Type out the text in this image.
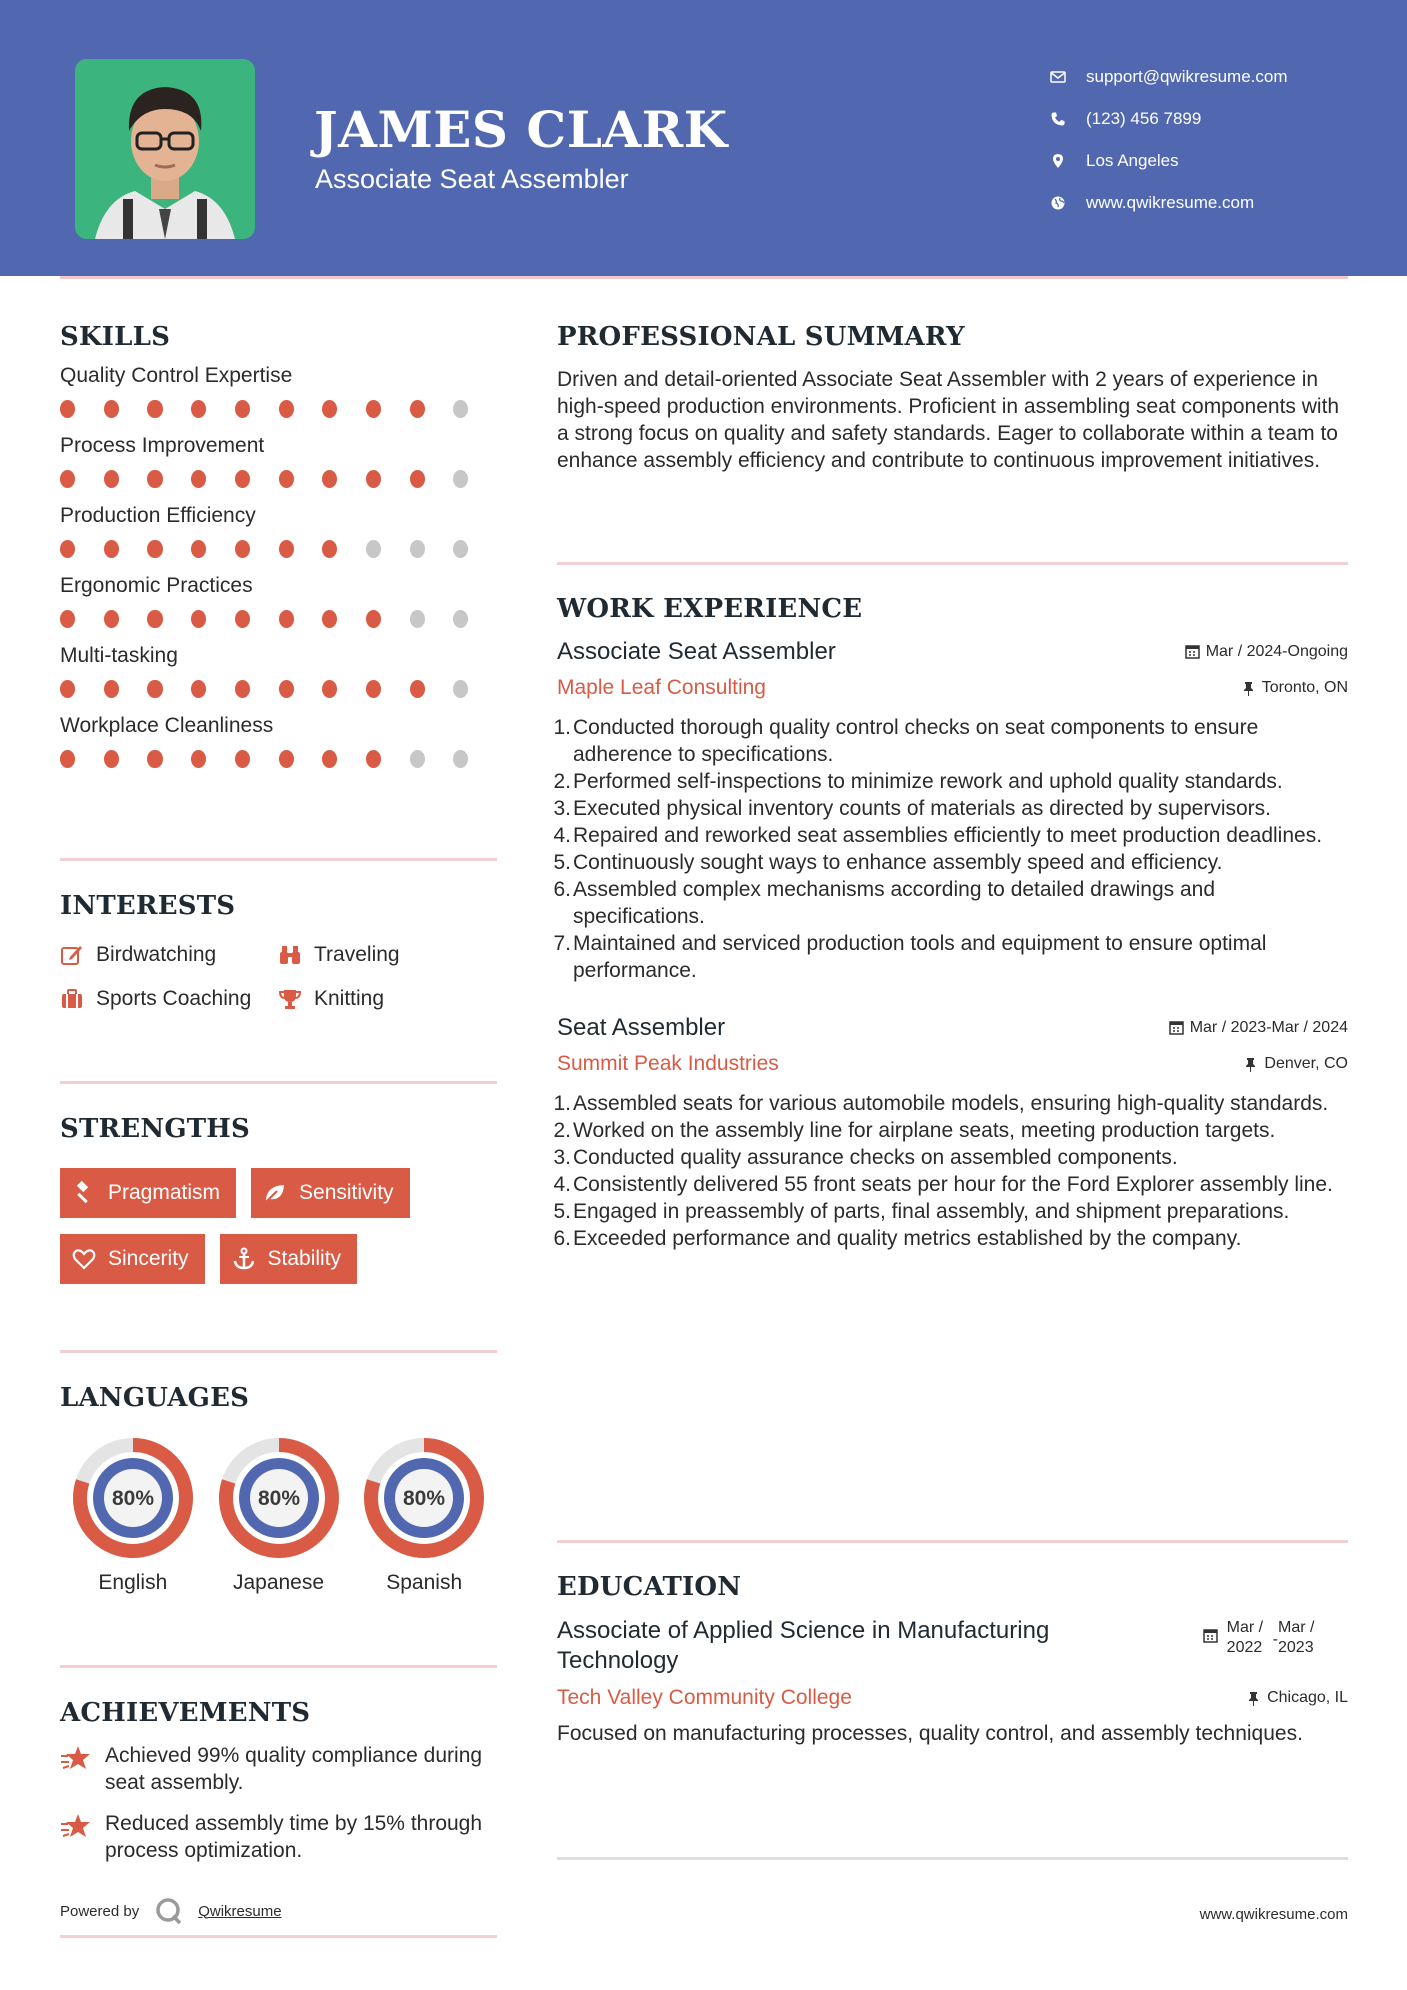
JAMES CLARK
Associate Seat Assembler
support@qwikresume.com
(123) 456 7899
Los Angeles
www.qwikresume.com
SKILLS
Quality Control Expertise
Process Improvement
Production Efficiency
Ergonomic Practices
Multi-tasking
Workplace Cleanliness
INTERESTS
Birdwatching	Traveling
Sports Coaching	Knitting
STRENGTHS
Pragmatism	Sensitivity
Sincerity	Stability
LANGUAGES
80%
English
80%
Japanese
80%
Spanish
ACHIEVEMENTS
Achieved 99% quality compliance during seat assembly.
Reduced assembly time by 15% through process optimization.
PROFESSIONAL SUMMARY
Driven and detail-oriented Associate Seat Assembler with 2 years of experience in high-speed production environments. Proficient in assembling seat components with a strong focus on quality and safety standards. Eager to collaborate within a team to enhance assembly efficiency and contribute to continuous improvement initiatives.
WORK EXPERIENCE
Associate Seat Assembler	Mar / 2024-Ongoing
Maple Leaf Consulting	Toronto, ON
1. Conducted thorough quality control checks on seat components to ensure adherence to specifications.
2. Performed self-inspections to minimize rework and uphold quality standards.
3. Executed physical inventory counts of materials as directed by supervisors.
4. Repaired and reworked seat assemblies efficiently to meet production deadlines.
5. Continuously sought ways to enhance assembly speed and efficiency.
6. Assembled complex mechanisms according to detailed drawings and specifications.
7. Maintained and serviced production tools and equipment to ensure optimal performance.
Seat Assembler	Mar / 2023-Mar / 2024
Summit Peak Industries	Denver, CO
1. Assembled seats for various automobile models, ensuring high-quality standards.
2. Worked on the assembly line for airplane seats, meeting production targets.
3. Conducted quality assurance checks on assembled components.
4. Consistently delivered 55 front seats per hour for the Ford Explorer assembly line.
5. Engaged in preassembly of parts, final assembly, and shipment preparations.
6. Exceeded performance and quality metrics established by the company.
EDUCATION
Associate of Applied Science in Manufacturing Technology
Mar / 2022 -
Mar / 2023
Tech Valley Community College	Chicago, IL
Focused on manufacturing processes, quality control, and assembly techniques.
Powered by	Qwikresume	www.qwikresume.com
